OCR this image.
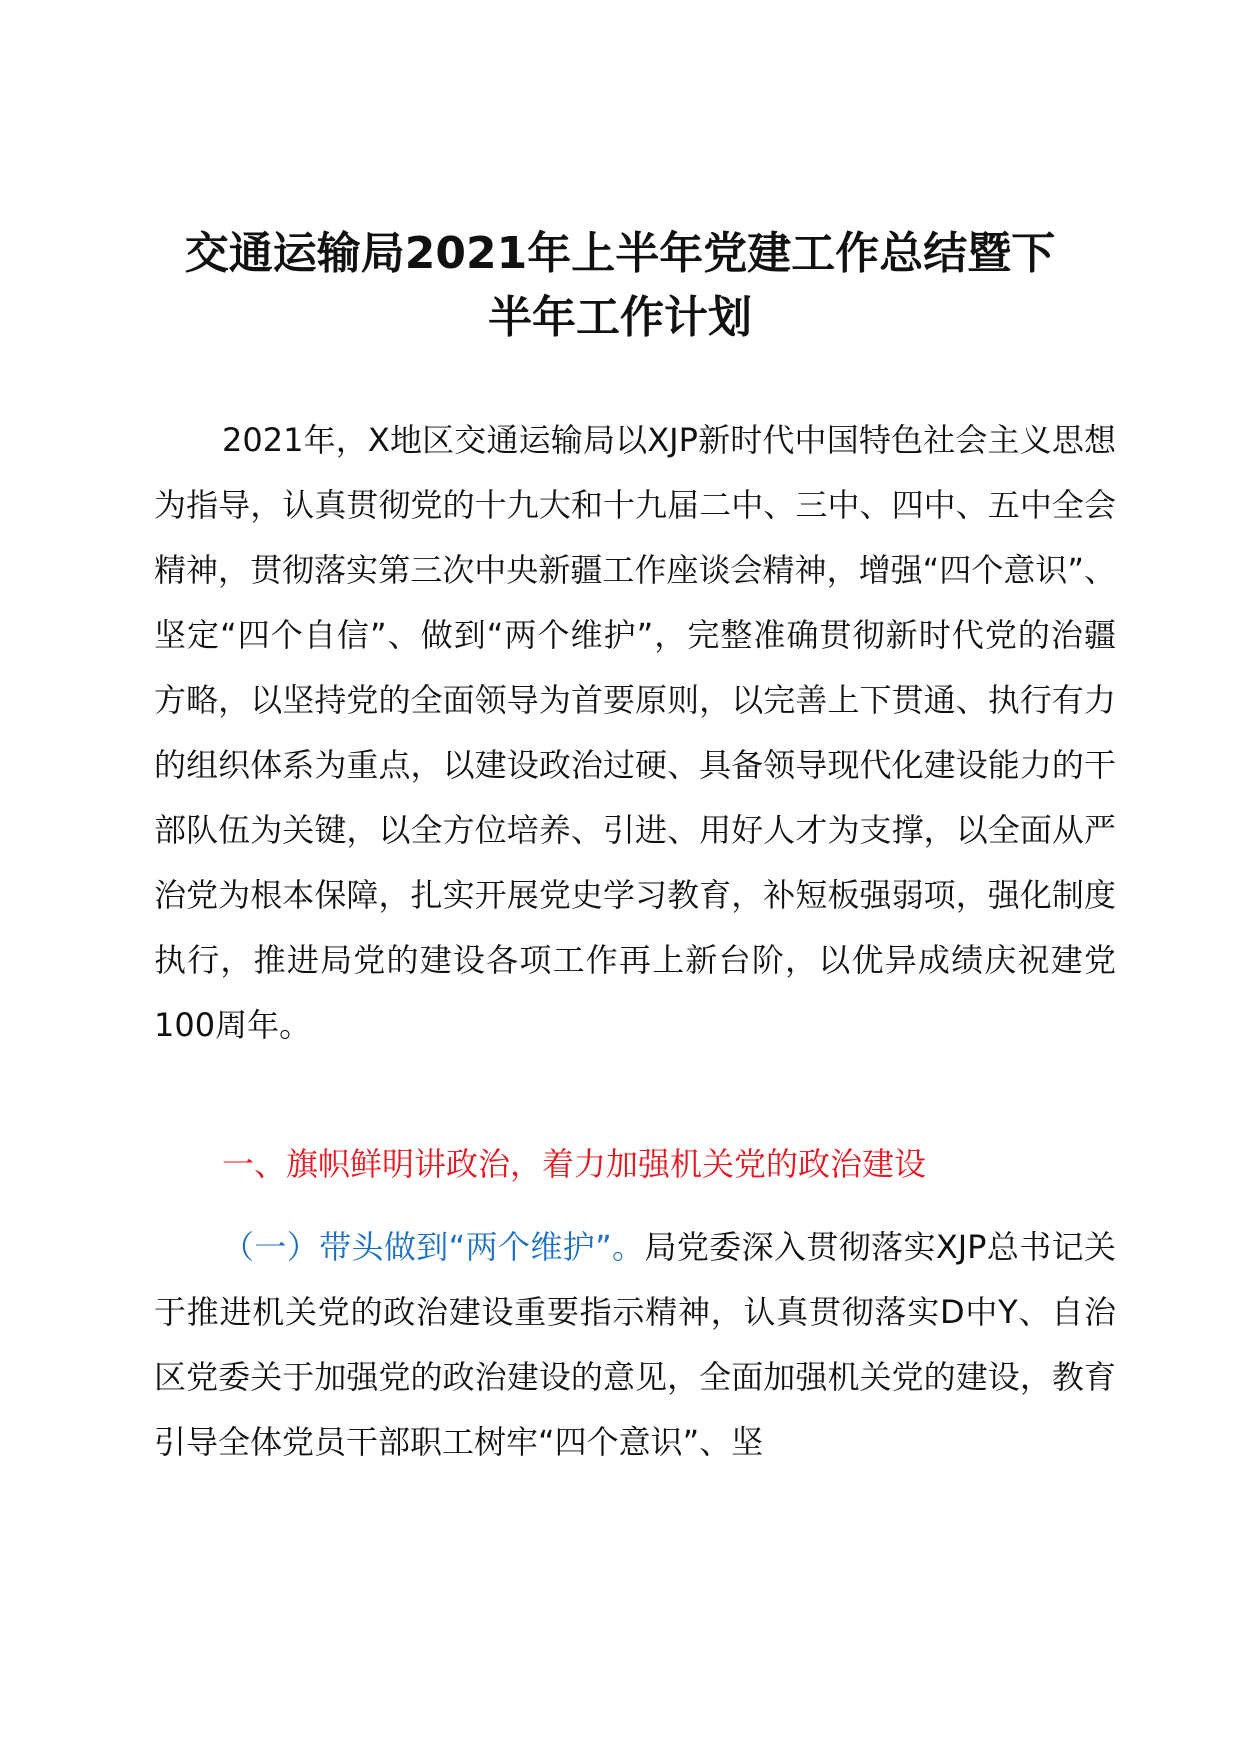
交通运输局2021年上半年党建工作总结暨下
半年工作计划
2021年，X地区交通运输局以XJP新时代中国特色社会主义思想为指导，认真贯彻党的十九大和十九届二中、三中、四中、五中全会精神，贯彻落实第三次中央新疆工作座谈会精神，增强“四个意识”、坚定“四个自信”、做到“两个维护”，完整准确贯彻新时代党的治疆方略，以坚持党的全面领导为首要原则，以完善上下贯通、执行有力的组织体系为重点，以建设政治过硬、具备领导现代化建设能力的干部队伍为关键，以全方位培养、引进、用好人才为支撑，以全面从严治党为根本保障，扎实开展党史学习教育，补短板强弱项，强化制度执行，推进局党的建设各项工作再上新台阶，以优异成绩庆祝建党100周年。
一、旗帜鲜明讲政治，着力加强机关党的政治建设
（一）带头做到“两个维护”。局党委深入贯彻落实XJP总书记关于推进机关党的政治建设重要指示精神，认真贯彻落实D中Y、自治区党委关于加强党的政治建设的意见，全面加强机关党的建设，教育引导全体党员干部职工树牢“四个意识”、坚
